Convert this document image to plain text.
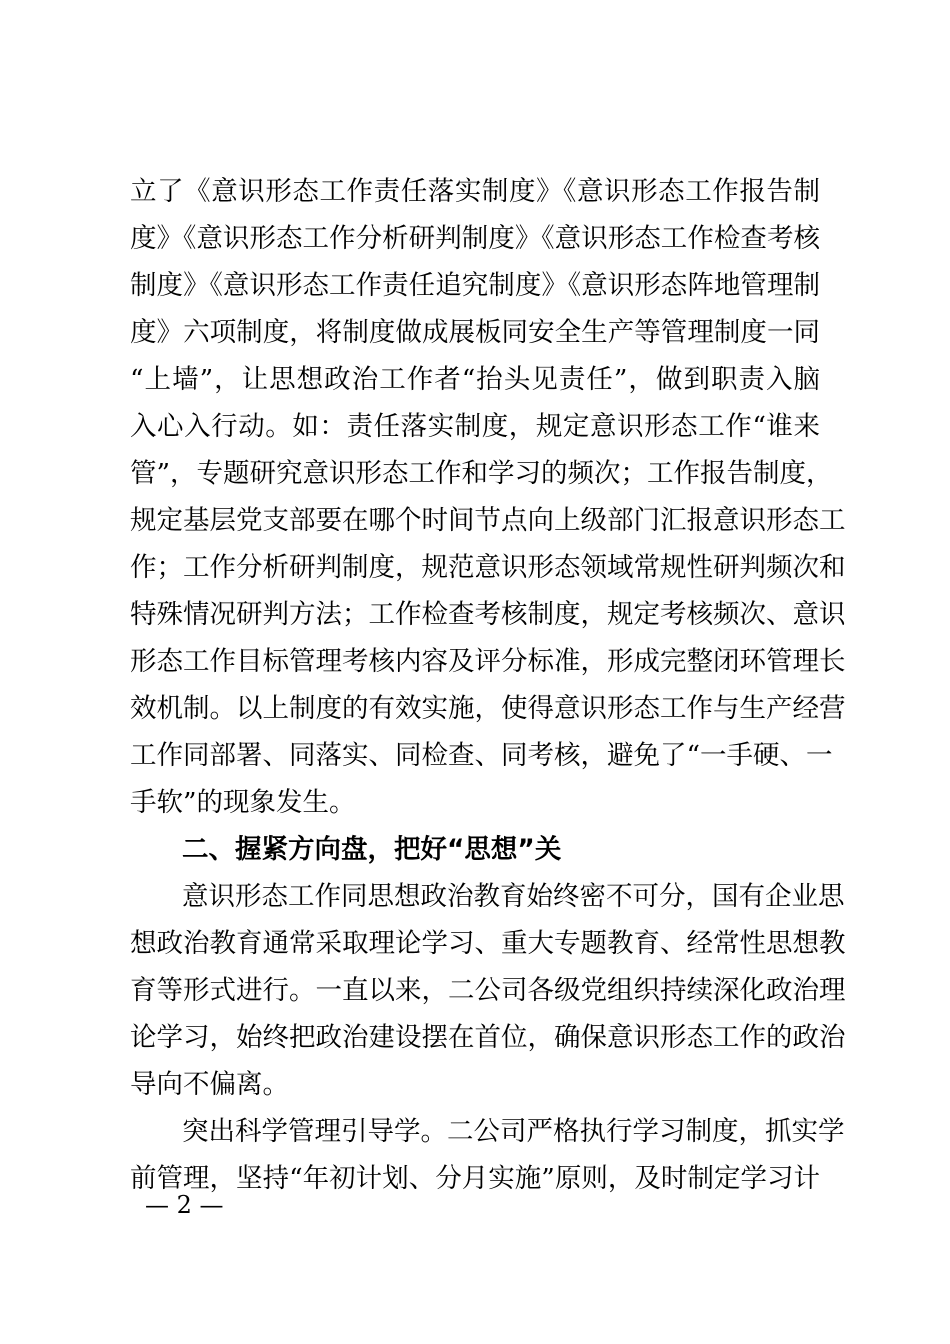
立了《意识形态工作责任落实制度》《意识形态工作报告制
度》《意识形态工作分析研判制度》《意识形态工作检查考核
制度》《意识形态工作责任追究制度》《意识形态阵地管理制
度》六项制度，将制度做成展板同安全生产等管理制度一同
“上墙”，让思想政治工作者“抬头见责任”，做到职责入脑
入心入行动。如：责任落实制度，规定意识形态工作“谁来
管”，专题研究意识形态工作和学习的频次；工作报告制度，
规定基层党支部要在哪个时间节点向上级部门汇报意识形态工
作；工作分析研判制度，规范意识形态领域常规性研判频次和
特殊情况研判方法；工作检查考核制度，规定考核频次、意识
形态工作目标管理考核内容及评分标准，形成完整闭环管理长
效机制。以上制度的有效实施，使得意识形态工作与生产经营
工作同部署、同落实、同检查、同考核，避免了“一手硬、一
手软”的现象发生。
二、握紧方向盘，把好“思想”关
意识形态工作同思想政治教育始终密不可分，国有企业思
想政治教育通常采取理论学习、重大专题教育、经常性思想教
育等形式进行。一直以来，二公司各级党组织持续深化政治理
论学习，始终把政治建设摆在首位，确保意识形态工作的政治
导向不偏离。
突出科学管理引导学。二公司严格执行学习制度，抓实学
前管理，坚持“年初计划、分月实施”原则，及时制定学习计
— 2 —
